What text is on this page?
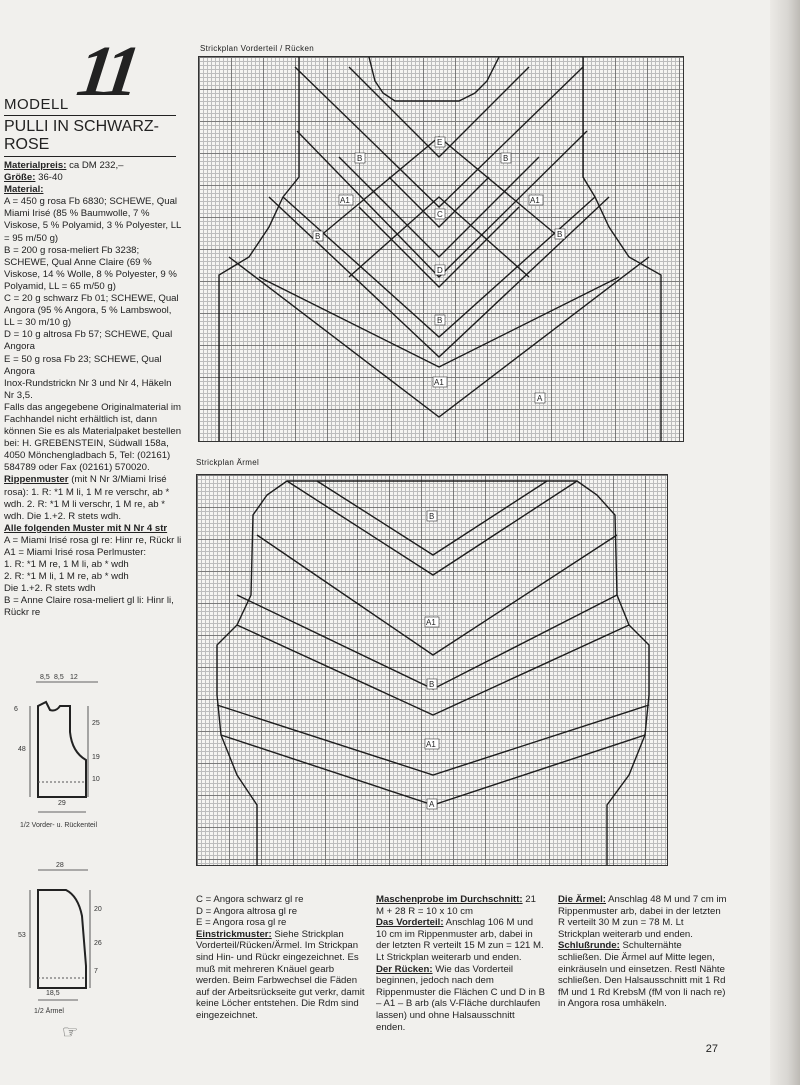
MODELL 11
PULLI IN SCHWARZ-
ROSE

Materialpreis: ca DM 232,–

Größe: 36-40

Material:

A = 450 g rosa Fb 6830; SCHEWE, Qual Miami Irisé (85 % Baumwolle, 7 % Viskose, 5 % Polyamid, 3 % Polyester, LL = 95 m/50 g)

B = 200 g rosa-meliert Fb 3238; SCHEWE, Qual Anne Claire (69 % Viskose, 14 % Wolle, 8 % Polyester, 9 % Polyamid, LL = 65 m/50 g)

C = 20 g schwarz Fb 01; SCHEWE, Qual Angora (95 % Angora, 5 % Lambswool, LL = 30 m/10 g)

D = 10 g altrosa Fb 57; SCHEWE, Qual Angora

E = 50 g rosa Fb 23; SCHEWE, Qual Angora

Inox-Rundstrickn Nr 3 und Nr 4, Häkeln Nr 3,5.

Falls das angegebene Originalmaterial im Fachhandel nicht erhältlich ist, dann können Sie es als Materialpaket bestellen bei: H. GREBENSTEIN, Südwall 158a, 4050 Mönchengladbach 5, Tel: (02161) 584789 oder Fax (02161) 570020.

Rippenmuster (mit N Nr 3/Miami Irisé rosa): 1. R: *1 M li, 1 M re verschr, ab * wdh. 2. R: *1 M li verschr, 1 M re, ab * wdh. Die 1.+2. R stets wdh.

Alle folgenden Muster mit N Nr 4 str

A = Miami Irisé rosa gl re: Hinr re, Rückr li

A1 = Miami Irisé rosa Perlmuster:

1. R: *1 M re, 1 M li, ab * wdh

2. R: *1 M li, 1 M re, ab * wdh

Die 1.+2. R stets wdh

B = Anne Claire rosa-meliert gl li: Hinr li, Rückr re

8,5 8,5 12
6
48
25
19
10
29
1/2 Vorder- u. Rückenteil
28
53
20
26
7
18,5
1/2 Ärmel
☞
Strickplan Vorderteil / Rücken
E
B	B
A1	A1
C
B	B
D
B
A1
A
Strickplan Ärmel
B
A1
B
A1
A

C = Angora schwarz gl re

D = Angora altrosa gl re

E = Angora rosa gl re

Einstrickmuster: Siehe Strickplan Vorderteil/Rücken/Ärmel. Im Strickpan sind Hin- und Rückr eingezeichnet. Es muß mit mehreren Knäuel gearb werden. Beim Farbwechsel die Fäden auf der Arbeitsrückseite gut verkr, damit keine Löcher entstehen. Die Rdm sind eingezeichnet.

Maschenprobe im Durchschnitt: 21 M + 28 R = 10 x 10 cm

Das Vorderteil: Anschlag 106 M und 10 cm im Rippenmuster arb, dabei in der letzten R verteilt 15 M zun = 121 M. Lt Strickplan weiterarb und enden.

Der Rücken: Wie das Vorderteil beginnen, jedoch nach dem Rippenmuster die Flächen C und D in B – A1 – B arb (als V-Fläche durchlaufen lassen) und ohne Halsausschnitt enden.

Die Ärmel: Anschlag 48 M und 7 cm im Rippenmuster arb, dabei in der letzten R verteilt 30 M zun = 78 M. Lt Strickplan weiterarb und enden.

Schlußrunde: Schulternähte schließen. Die Ärmel auf Mitte legen, einkräuseln und einsetzen. Restl Nähte schließen. Den Halsausschnitt mit 1 Rd fM und 1 Rd KrebsM (fM von li nach re) in Angora rosa umhäkeln.

27
